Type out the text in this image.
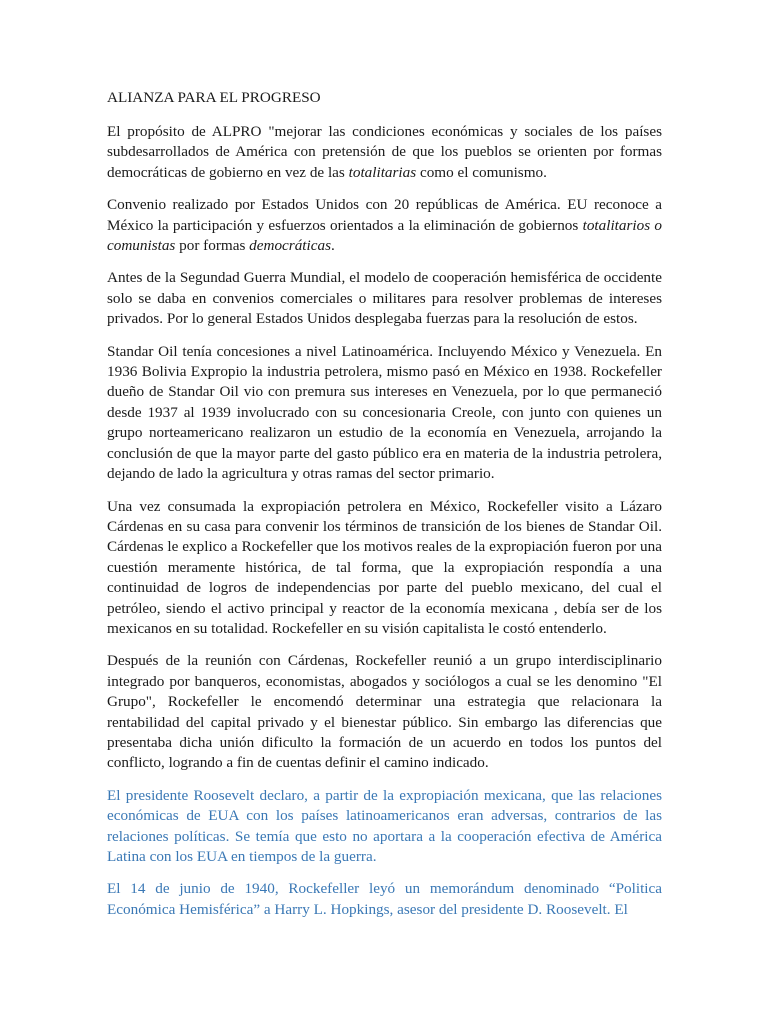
ALIANZA PARA EL PROGRESO

El propósito de ALPRO "mejorar las condiciones económicas y sociales de los países subdesarrollados de América con pretensión de que los pueblos se orienten por formas democráticas de gobierno en vez de las totalitarias como el comunismo.

Convenio realizado por Estados Unidos con 20 repúblicas de América. EU reconoce a México la participación y esfuerzos orientados a la eliminación de gobiernos totalitarios o comunistas por formas democráticas.

Antes de la Segundad Guerra Mundial, el modelo de cooperación hemisférica de occidente solo se daba en convenios comerciales o militares para resolver problemas de intereses privados. Por lo general Estados Unidos desplegaba fuerzas para la resolución de estos.

Standar Oil tenía concesiones a nivel Latinoamérica. Incluyendo México y Venezuela. En 1936 Bolivia Expropio la industria petrolera, mismo pasó en México en 1938. Rockefeller dueño de Standar Oil vio con premura sus intereses en Venezuela, por lo que permaneció desde 1937 al 1939 involucrado con su concesionaria Creole, con junto con quienes un grupo norteamericano realizaron un estudio de la economía en Venezuela, arrojando la conclusión de que la mayor parte del gasto público era en materia de la industria petrolera, dejando de lado la agricultura y otras ramas del sector primario.

Una vez consumada la expropiación petrolera en México, Rockefeller visito a Lázaro Cárdenas en su casa para convenir los términos de transición de los bienes de Standar Oil. Cárdenas le explico a Rockefeller que los motivos reales de la expropiación fueron por una cuestión meramente histórica, de tal forma, que la expropiación respondía a una continuidad de logros de independencias por parte del pueblo mexicano, del cual el petróleo, siendo el activo principal y reactor de la economía mexicana , debía ser de los mexicanos en su totalidad. Rockefeller en su visión capitalista le costó entenderlo.

Después de la reunión con Cárdenas, Rockefeller reunió a un grupo interdisciplinario integrado por banqueros, economistas, abogados y sociólogos a cual se les denomino "El Grupo", Rockefeller le encomendó determinar una estrategia que relacionara la rentabilidad del capital privado y el bienestar público. Sin embargo las diferencias que presentaba dicha unión dificulto la formación de un acuerdo en todos los puntos del conflicto, logrando a fin de cuentas definir el camino indicado.

El presidente Roosevelt declaro, a partir de la expropiación mexicana, que las relaciones económicas de EUA con los países latinoamericanos eran adversas, contrarios de las relaciones políticas. Se temía que esto no aportara a la cooperación efectiva de América Latina con los EUA en tiempos de la guerra.

El 14 de junio de 1940, Rockefeller leyó un memorándum denominado “Politica Económica Hemisférica” a Harry L. Hopkings, asesor del presidente D. Roosevelt. El
